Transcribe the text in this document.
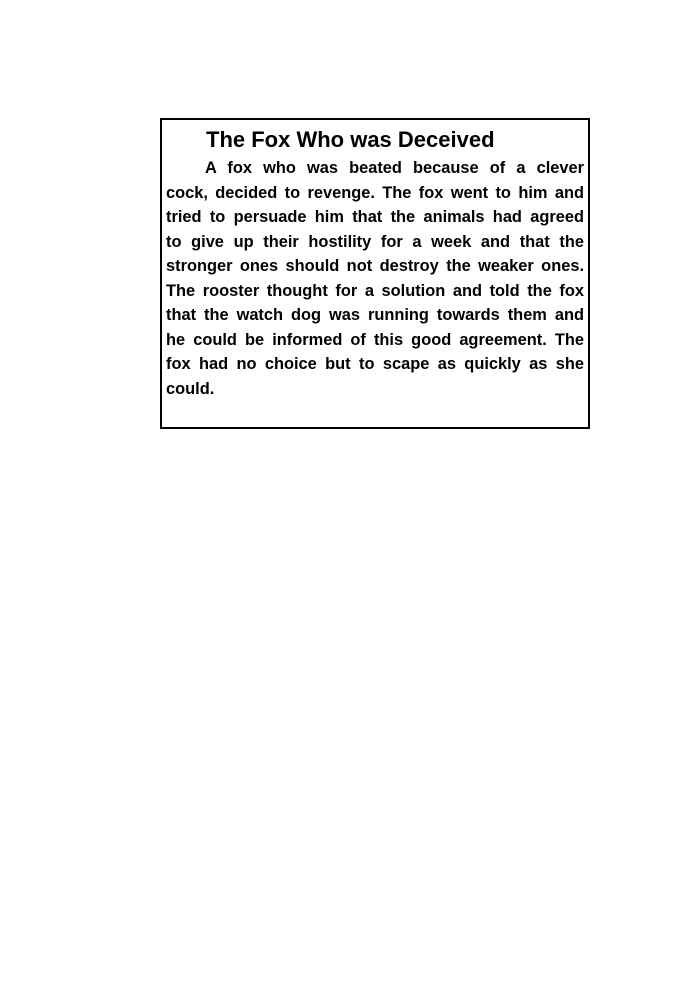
The Fox Who was Deceived
A fox who was beated because of a clever
cock, decided to revenge. The fox went to him and
tried to persuade him that the animals had agreed
to give up their hostility for a week and that the
stronger ones should not destroy the weaker ones.
The rooster thought for a solution and told the fox
that the watch dog was running towards them and
he could be informed of this good agreement. The
fox had no choice but to scape as quickly as she
could.
